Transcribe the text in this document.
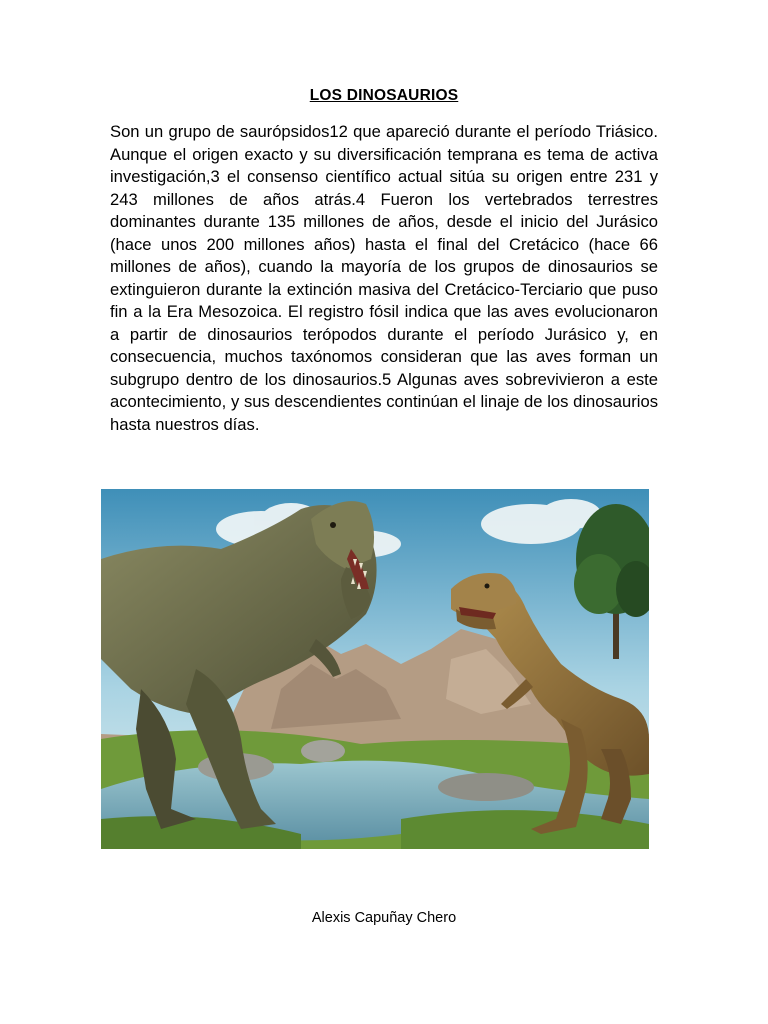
LOS DINOSAURIOS

Son un grupo de saurópsidos12 que apareció durante el período Triásico. Aunque el origen exacto y su diversificación temprana es tema de activa investigación,3 el consenso científico actual sitúa su origen entre 231 y 243 millones de años atrás.4 Fueron los vertebrados terrestres dominantes durante 135 millones de años, desde el inicio del Jurásico (hace unos 200 millones años) hasta el final del Cretácico (hace 66 millones de años), cuando la mayoría de los grupos de dinosaurios se extinguieron durante la extinción masiva del Cretácico-Terciario que puso fin a la Era Mesozoica. El registro fósil indica que las aves evolucionaron a partir de dinosaurios terópodos durante el período Jurásico y, en consecuencia, muchos taxónomos consideran que las aves forman un subgrupo dentro de los dinosaurios.5 Algunas aves sobrevivieron a este acontecimiento, y sus descendientes continúan el linaje de los dinosaurios hasta nuestros días.

Alexis Capuñay Chero
